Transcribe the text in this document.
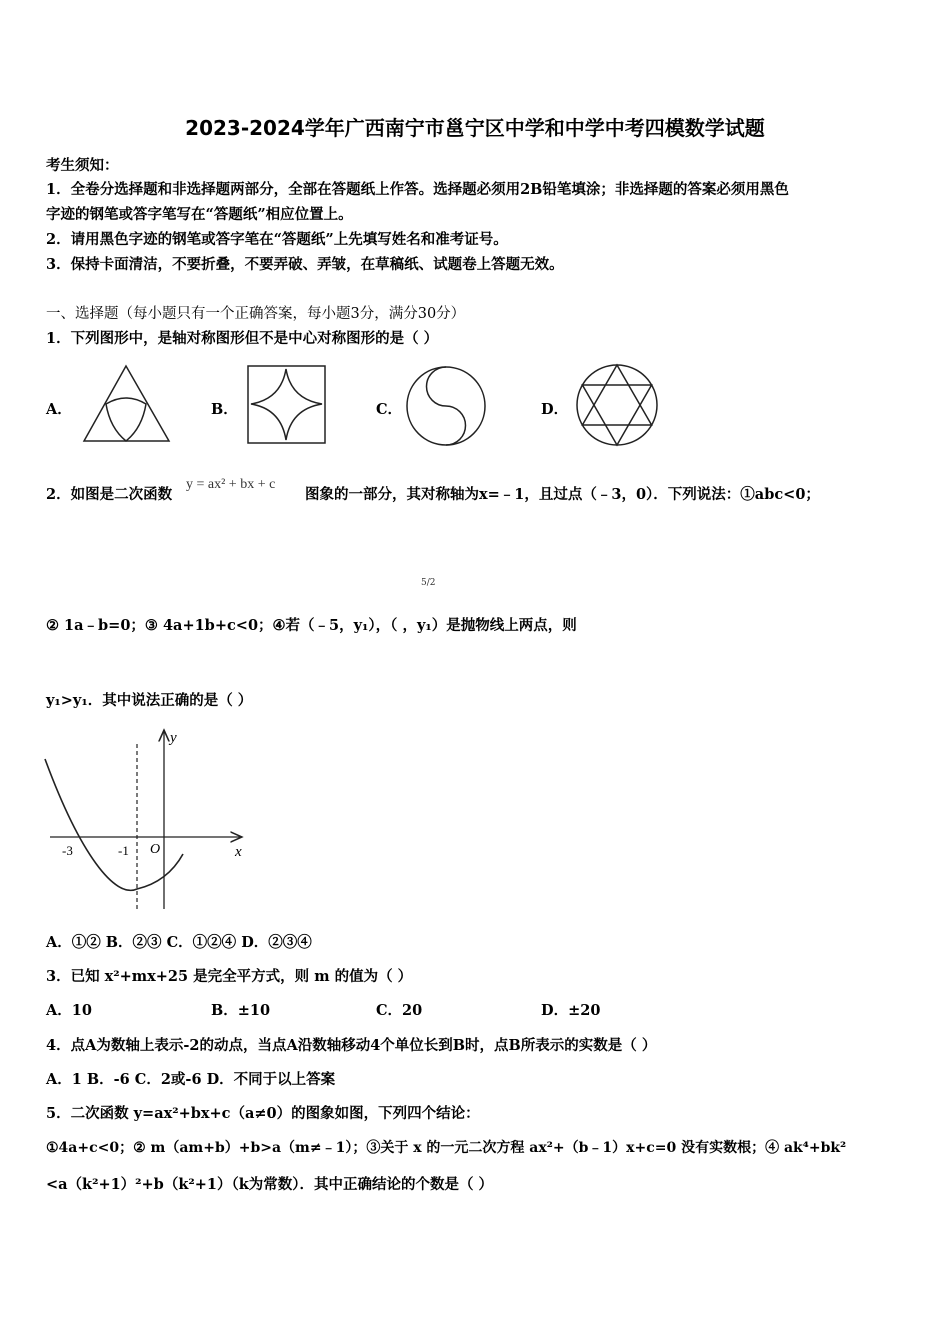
2023-2024学年广西南宁市邕宁区中学和中学中考四模数学试题
考生须知：
1．全卷分选择题和非选择题两部分，全部在答题纸上作答。选择题必须用2B铅笔填涂；非选择题的答案必须用黑色
字迹的钢笔或答字笔写在“答题纸”相应位置上。
2．请用黑色字迹的钢笔或答字笔在“答题纸”上先填写姓名和准考证号。
3．保持卡面清洁，不要折叠，不要弄破、弄皱，在草稿纸、试题卷上答题无效。
一、选择题（每小题只有一个正确答案，每小题3分，满分30分）
1．下列图形中，是轴对称图形但不是中心对称图形的是（ ）
A．	B．	C．	D．
2．如图是二次函数
y = ax² + bx + c
图象的一部分，其对称轴为x=﹣1，且过点（﹣3，0）．下列说法：①abc<0；
5/2
② 1a﹣b=0；③ 4a+1b+c<0；④若（﹣5，y₁），（ ，y₁）是抛物线上两点，则
y₁>y₁．其中说法正确的是（ ）
y
x
O
-3	-1
A．①② B．②③ C．①②④ D．②③④
3．已知 x²+mx+25 是完全平方式，则 m 的值为（ ）
A．10	B．±10	C．20	D．±20
4．点A为数轴上表示-2的动点，当点A沿数轴移动4个单位长到B时，点B所表示的实数是（ ）
A．1 B．-6 C．2或-6 D．不同于以上答案
5．二次函数 y=ax²+bx+c（a≠0）的图象如图，下列四个结论：
①4a+c<0；② m（am+b）+b>a（m≠﹣1）；③关于 x 的一元二次方程 ax²+（b﹣1）x+c=0 没有实数根；④ ak⁴+bk²
<a（k²+1）²+b（k²+1）（k为常数）．其中正确结论的个数是（ ）
